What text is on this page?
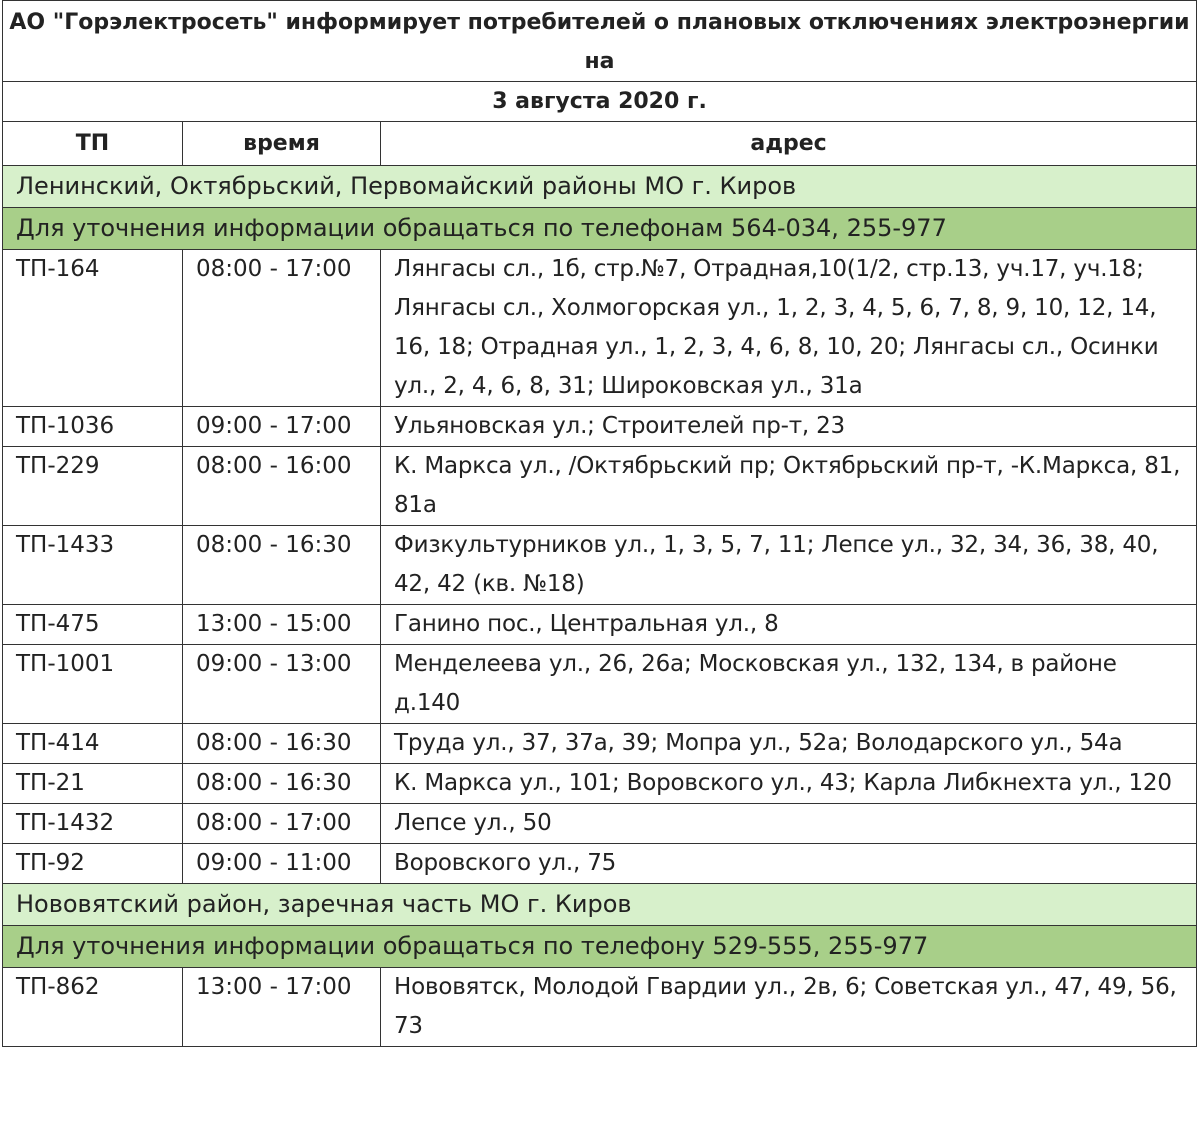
АО "Горэлектросеть" информирует потребителей о плановых отключениях электроэнергии на		
3 августа 2020 г.		
ТП	время	адрес
Ленинский, Октябрьский, Первомайский районы МО г. Киров		
Для уточнения информации обращаться по телефонам 564-034, 255-977		
ТП-164	08:00 - 17:00	Лянгасы сл., 1б, стр.№7, Отрадная,10(1/2, стр.13, уч.17, уч.18; Лянгасы сл., Холмогорская ул., 1, 2, 3, 4, 5, 6, 7, 8, 9, 10, 12, 14, 16, 18; Отрадная ул., 1, 2, 3, 4, 6, 8, 10, 20; Лянгасы сл., Осинки ул., 2, 4, 6, 8, 31; Широковская ул., 31а
ТП-1036	09:00 - 17:00	Ульяновская ул.; Строителей пр-т, 23
ТП-229	08:00 - 16:00	К. Маркса ул., /Октябрьский пр; Октябрьский пр-т, -К.Маркса, 81, 81а
ТП-1433	08:00 - 16:30	Физкультурников ул., 1, 3, 5, 7, 11; Лепсе ул., 32, 34, 36, 38, 40, 42, 42 (кв. №18)
ТП-475	13:00 - 15:00	Ганино пос., Центральная ул., 8
ТП-1001	09:00 - 13:00	Менделеева ул., 26, 26а; Московская ул., 132, 134, в районе д.140
ТП-414	08:00 - 16:30	Труда ул., 37, 37а, 39; Мопра ул., 52а; Володарского ул., 54а
ТП-21	08:00 - 16:30	К. Маркса ул., 101; Воровского ул., 43; Карла Либкнехта ул., 120
ТП-1432	08:00 - 17:00	Лепсе ул., 50
ТП-92	09:00 - 11:00	Воровского ул., 75
Нововятский район, заречная часть МО г. Киров		
Для уточнения информации обращаться по телефону 529-555, 255-977		
ТП-862	13:00 - 17:00	Нововятск, Молодой Гвардии ул., 2в, 6; Советская ул., 47, 49, 56, 73
